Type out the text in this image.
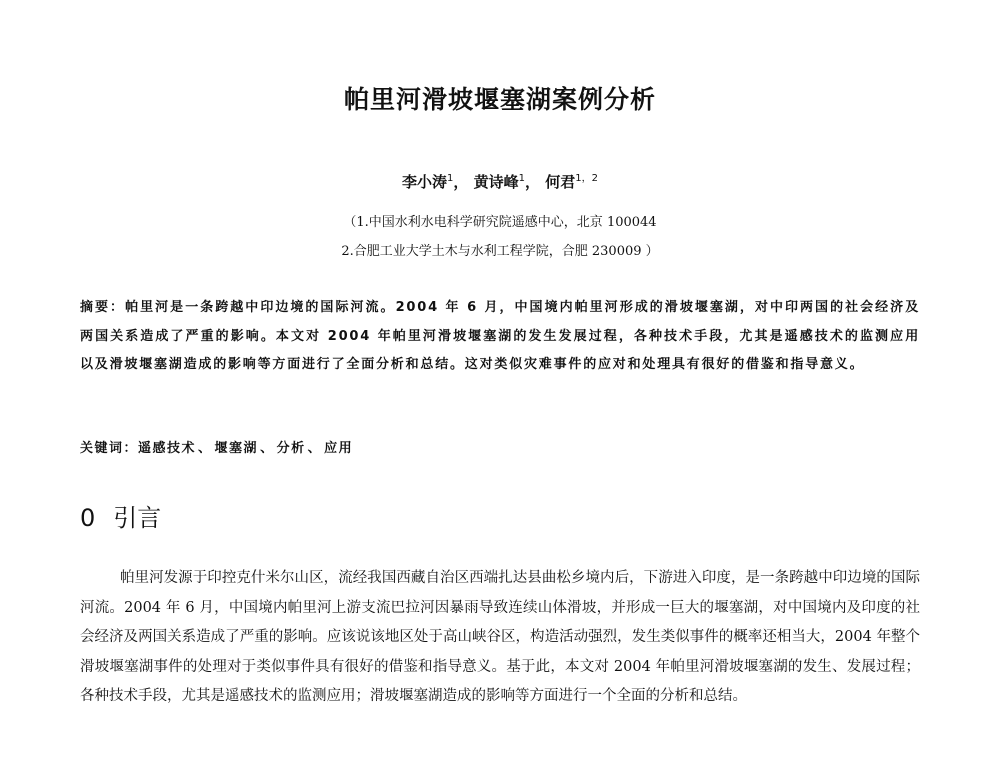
帕里河滑坡堰塞湖案例分析
李小涛$^1$， 黄诗峰$^1$， 何君$^{1,2}$
（1.中国水利水电科学研究院遥感中心，北京 100044
2.合肥工业大学土木与水利工程学院，合肥 230009 ）
摘要：帕里河是一条跨越中印边境的国际河流。2004 年 6 月，中国境内帕里河形成的滑坡堰塞湖，对中印两国的社会经济及两国关系造成了严重的影响。本文对 2004 年帕里河滑坡堰塞湖的发生发展过程，各种技术手段，尤其是遥感技术的监测应用以及滑坡堰塞湖造成的影响等方面进行了全面分析和总结。这对类似灾难事件的应对和处理具有很好的借鉴和指导意义。
关键词：遥感技术 、 堰塞湖 、 分析 、 应用
0 引言
帕里河发源于印控克什米尔山区，流经我国西藏自治区西端扎达县曲松乡境内后，下游进入印度，是一条跨越中印边境的国际河流。2004 年 6 月，中国境内帕里河上游支流巴拉河因暴雨导致连续山体滑坡，并形成一巨大的堰塞湖，对中国境内及印度的社会经济及两国关系造成了严重的影响。应该说该地区处于高山峡谷区，构造活动强烈，发生类似事件的概率还相当大，2004 年整个滑坡堰塞湖事件的处理对于类似事件具有很好的借鉴和指导意义。基于此，本文对 2004 年帕里河滑坡堰塞湖的发生、发展过程；各种技术手段，尤其是遥感技术的监测应用；滑坡堰塞湖造成的影响等方面进行一个全面的分析和总结。
